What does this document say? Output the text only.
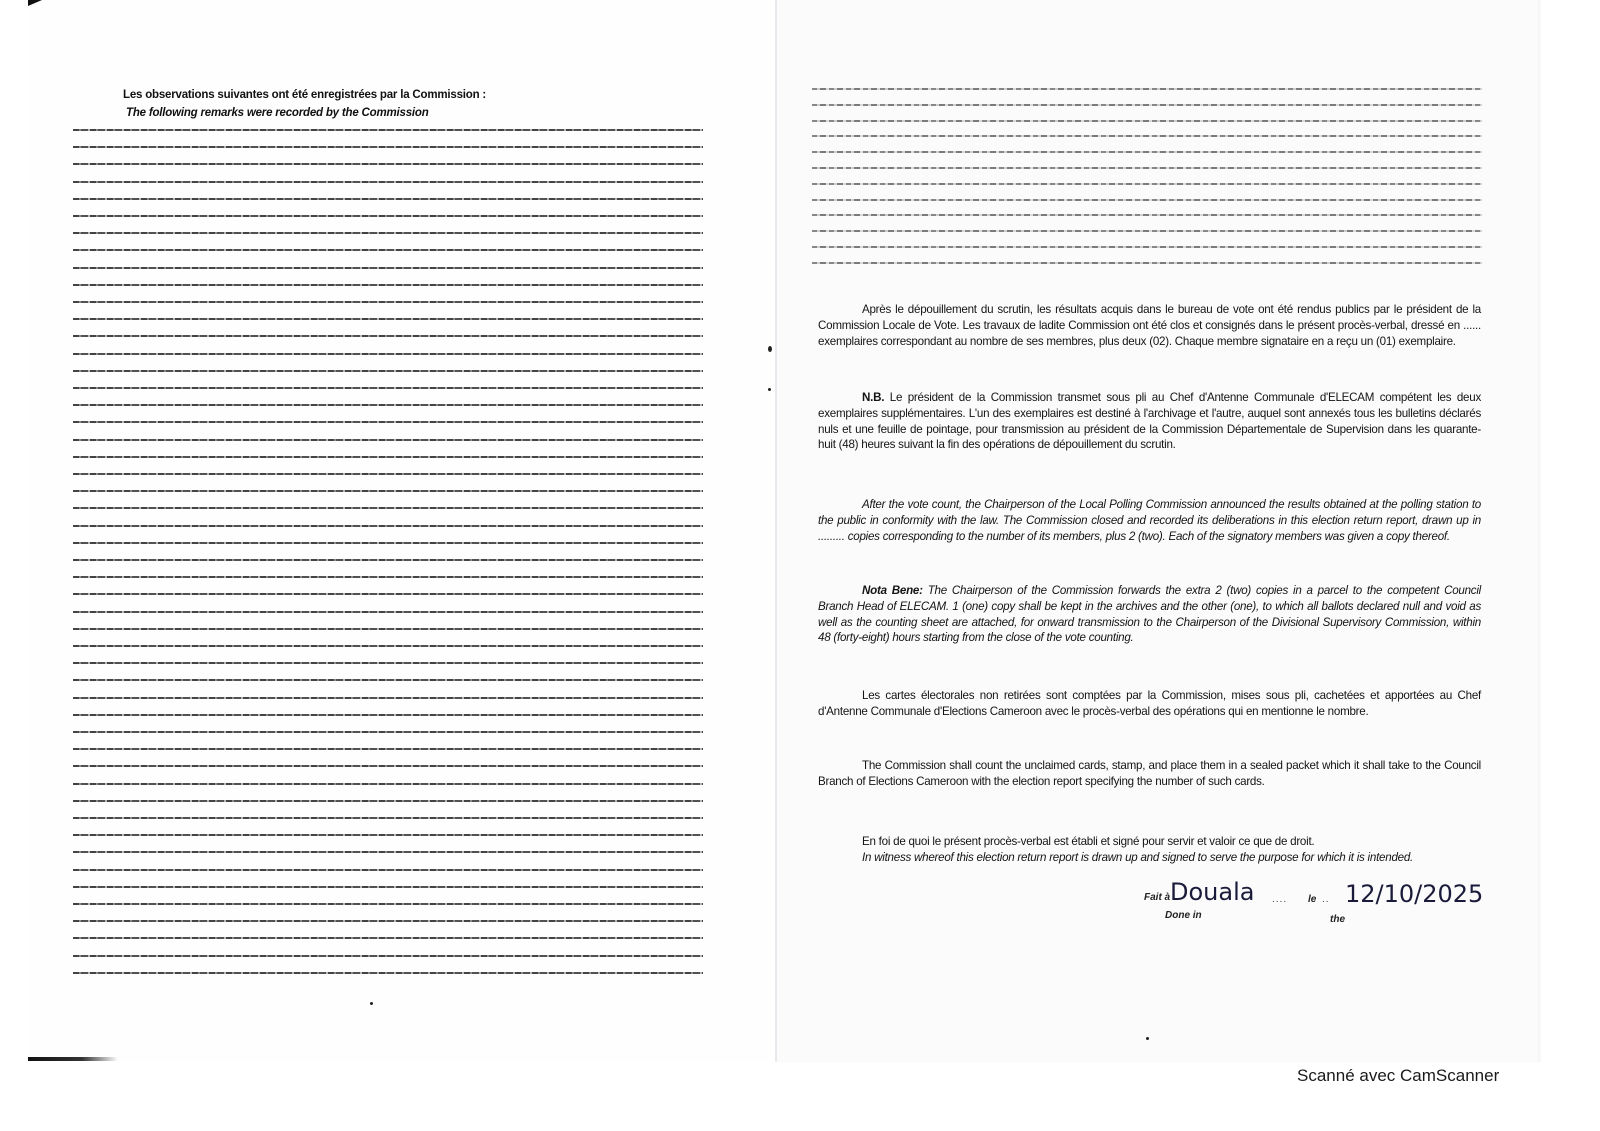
Les observations suivantes ont été enregistrées par la Commission :
The following remarks were recorded by the Commission
Après le dépouillement du scrutin, les résultats acquis dans le bureau de vote ont été rendus publics par le président de la Commission Locale de Vote. Les travaux de ladite Commission ont été clos et consignés dans le présent procès-verbal, dressé en ...... exemplaires correspondant au nombre de ses membres, plus deux (02). Chaque membre signataire en a reçu un (01) exemplaire.
N.B. Le président de la Commission transmet sous pli au Chef d'Antenne Communale d'ELECAM compétent les deux exemplaires supplémentaires. L'un des exemplaires est destiné à l'archivage et l'autre, auquel sont annexés tous les bulletins déclarés nuls et une feuille de pointage, pour transmission au président de la Commission Départementale de Supervision dans les quarante-huit (48) heures suivant la fin des opérations de dépouillement du scrutin.
After the vote count, the Chairperson of the Local Polling Commission announced the results obtained at the polling station to the public in conformity with the law. The Commission closed and recorded its deliberations in this election return report, drawn up in ......... copies corresponding to the number of its members, plus 2 (two). Each of the signatory members was given a copy thereof.
Nota Bene: The Chairperson of the Commission forwards the extra 2 (two) copies in a parcel to the competent Council Branch Head of ELECAM. 1 (one) copy shall be kept in the archives and the other (one), to which all ballots declared null and void as well as the counting sheet are attached, for onward transmission to the Chairperson of the Divisional Supervisory Commission, within 48 (forty-eight) hours starting from the close of the vote counting.
Les cartes électorales non retirées sont comptées par la Commission, mises sous pli, cachetées et apportées au Chef d'Antenne Communale d'Elections Cameroon avec le procès-verbal des opérations qui en mentionne le nombre.
The Commission shall count the unclaimed cards, stamp, and place them in a sealed packet which it shall take to the Council Branch of Elections Cameroon with the election report specifying the number of such cards.
En foi de quoi le présent procès-verbal est établi et signé pour servir et valoir ce que de droit.
In witness whereof this election return report is drawn up and signed to serve the purpose for which it is intended.
Fait à Douala ....
Done in
le .. 12/10/2025
the
Scanné avec CamScanner
